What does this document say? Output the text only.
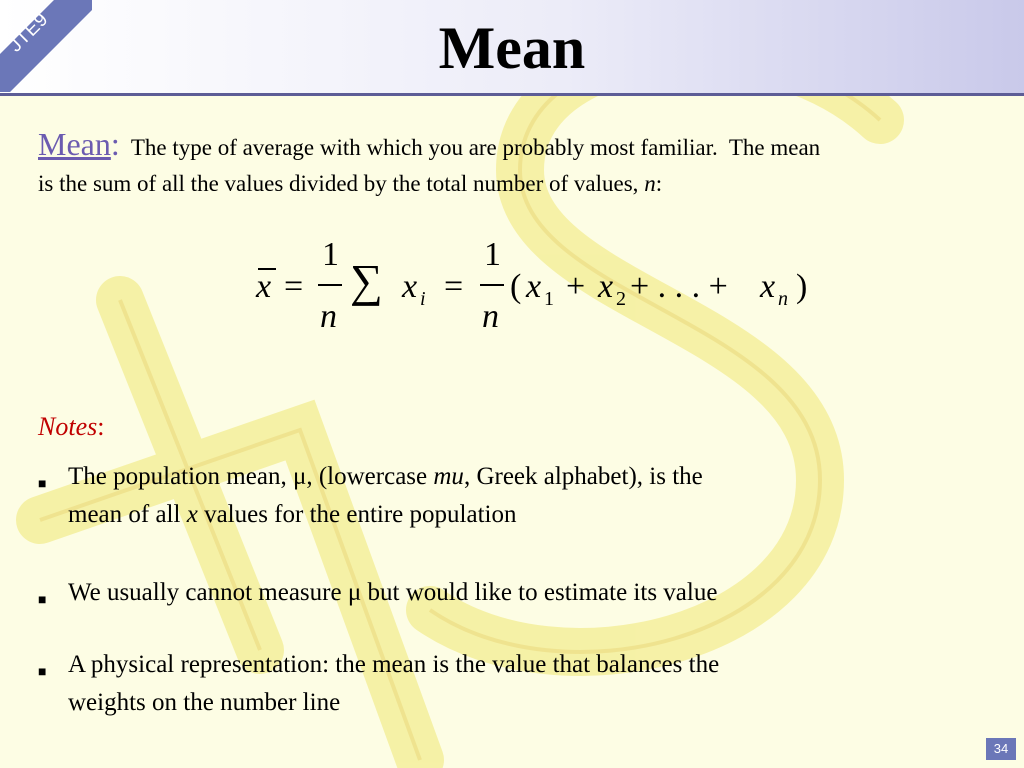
JTE9	Mean
Mean:  The type of average with which you are probably most familiar.  The mean
is the sum of all the values divided by the total number of values, n:
x =
1
n
∑ x i =
1
n
( x 1 + x 2 + . . . + x n )
Notes:
■ The population mean, μ, (lowercase mu, Greek alphabet), is the
mean of all x values for the entire population
■ We usually cannot measure μ but would like to estimate its value
■ A physical representation: the mean is the value that balances the
weights on the number line
34
